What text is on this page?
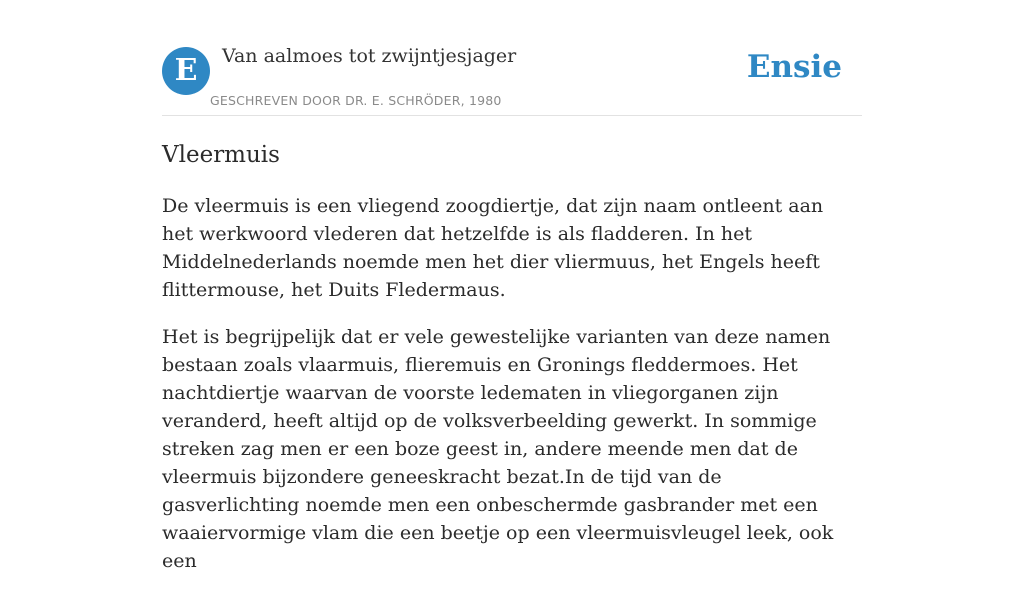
E	Van aalmoes tot zwijntjesjager
GESCHREVEN DOOR DR. E. SCHRÖDER, 1980
Ensie
Vleermuis

De vleermuis is een vliegend zoogdiertje, dat zijn naam ontleent aan het werkwoord vlederen dat hetzelfde is als fladderen. In het Middelnederlands noemde men het dier vliermuus, het Engels heeft flittermouse, het Duits Fledermaus.

Het is begrijpelijk dat er vele gewestelijke varianten van deze namen bestaan zoals vlaarmuis, flieremuis en Gronings fleddermoes. Het nachtdiertje waarvan de voorste ledematen in vliegorganen zijn veranderd, heeft altijd op de volksverbeelding gewerkt. In sommige streken zag men er een boze geest in, andere meende men dat de vleermuis bijzondere geneeskracht bezat.In de tijd van de gasverlichting noemde men een onbeschermde gasbrander met een waaiervormige vlam die een beetje op een vleermuisvleugel leek, ook een
